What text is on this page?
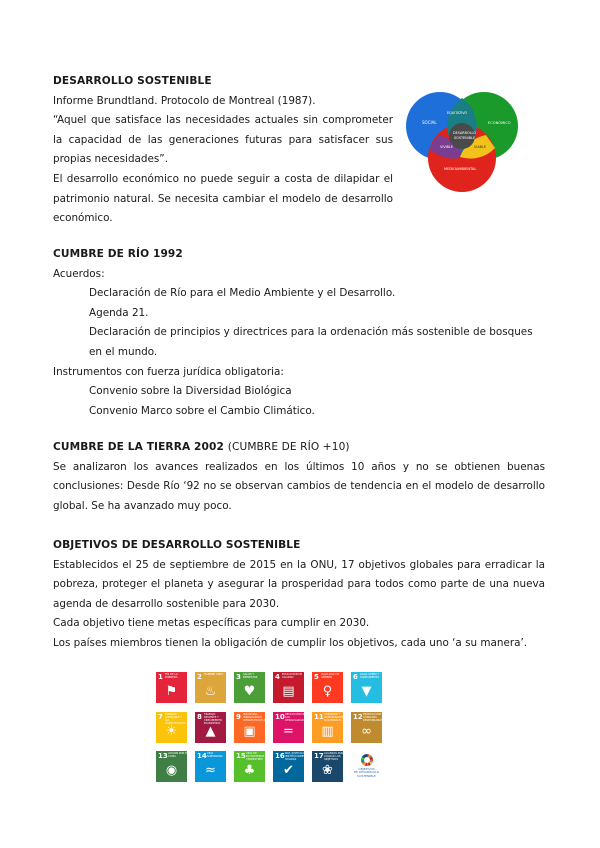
DESARROLLO SOSTENIBLE

Informe Brundtland. Protocolo de Montreal (1987).

“Aquel que satisface las necesidades actuales sin comprometer la capacidad de las generaciones futuras para satisfacer sus propias necesidades”.

El desarrollo económico no puede seguir a costa de dilapidar el patrimonio natural. Se necesita cambiar el modelo de desarrollo económico.

SOCIAL
EQUITATIVO
ECONÓMICO
DESARROLLO
SOSTENIBLE
VIVIBLE	VIABLE
MEDIOAMBIENTAL

CUMBRE DE RÍO 1992

Acuerdos:

Declaración de Río para el Medio Ambiente y el Desarrollo.

Agenda 21.

Declaración de principios y directrices para la ordenación más sostenible de bosques en el mundo.

Instrumentos con fuerza jurídica obligatoria:

Convenio sobre la Diversidad Biológica

Convenio Marco sobre el Cambio Climático.

CUMBRE DE LA TIERRA 2002 (CUMBRE DE RÍO +10)

Se analizaron los avances realizados en los últimos 10 años y no se obtienen buenas conclusiones: Desde Río ‘92 no se observan cambios de tendencia en el modelo de desarrollo global. Se ha avanzado muy poco.

OBJETIVOS DE DESARROLLO SOSTENIBLE

Establecidos el 25 de septiembre de 2015 en la ONU, 17 objetivos globales para erradicar la pobreza, proteger el planeta y asegurar la prosperidad para todos como parte de una nueva agenda de desarrollo sostenible para 2030.

Cada objetivo tiene metas específicas para cumplir en 2030.

Los países miembros tienen la obligación de cumplir los objetivos, cada uno ‘a su manera’.

1 FIN DE LA POBREZA
⚑
2 HAMBRE CERO
♨
3 SALUD Y BIENESTAR
♥
4 EDUCACIÓN DE CALIDAD
▤
5 IGUALDAD DE GÉNERO
♀
6 AGUA LIMPIA Y SANEAMIENTO
▼
7 ENERGÍA ASEQUIBLE Y NO CONTAMINANTE
☀
8 TRABAJO DECENTE Y CRECIMIENTO ECONÓMICO
▲
9 INDUSTRIA, INNOVACIÓN E INFRAESTRUCTURA
▣
10 REDUCCIÓN DE LAS DESIGUALDADES
=
11 CIUDADES Y COMUNIDADES SOSTENIBLES
▥
12 PRODUCCIÓN Y CONSUMO RESPONSABLES
∞
13 ACCIÓN POR EL CLIMA
◉
14 VIDA SUBMARINA
≈
15 VIDA DE ECOSISTEMAS TERRESTRES
♣
16 PAZ, JUSTICIA E INSTITUCIONES SÓLIDAS
✔
17 ALIANZAS PARA LOGRAR LOS OBJETIVOS
❀	OBJETIVOS
DE DESARROLLO
SOSTENIBLE
